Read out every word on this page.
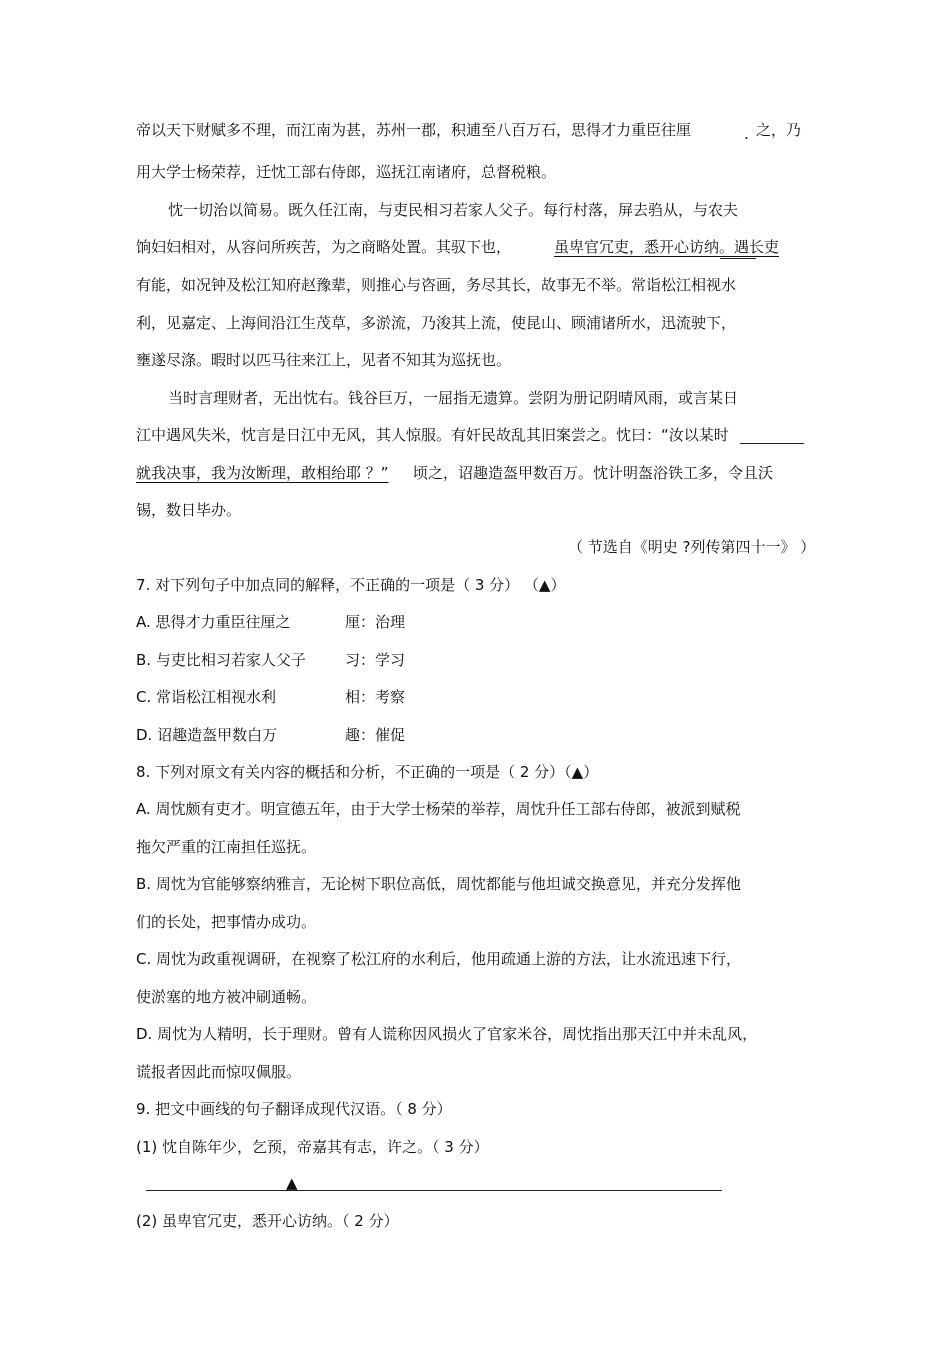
帝以天下财赋多不理，而江南为甚，苏州一郡，积逋至八百万石，思得才力重臣往厘	. 之，乃
用大学士杨荣荐，迁忱工部右侍郎，巡抚江南诸府，总督税粮。
忱一切治以简易。既久任江南，与吏民相习若家人父子。每行村落，屏去驺从，与农夫
饷妇妇相对，从容问所疾苦，为之商略处置。其驭下也，	虽卑官冗吏，悉开心访纳。遇长吏
有能，如况钟及松江知府赵豫辈，则推心与咨画，务尽其长，故事无不举。常诣松江相视水
利，见嘉定、上海间沿江生茂草，多淤流，乃浚其上流，使昆山、顾浦诸所水，迅流驶下，
壅遂尽涤。暇时以匹马往来江上，见者不知其为巡抚也。
当时言理财者，无出忱右。钱谷巨万，一屈指无遗算。尝阴为册记阴晴风雨，或言某日
江中遇风失米，忱言是日江中无风，其人惊服。有奸民故乱其旧案尝之。忱曰：“汝以某时
就我决事，我为汝断理，敢相绐耶 ？” 顷之，诏趣造盔甲数百万。忱计明盔浴铁工多，令且沃
锡，数日毕办。
（ 节选自《明史 ?列传第四十一》 ）
7. 对下列句子中加点同的解释，不正确的一项是（ 3 分） （▲）
A. 思得才力重臣往厘之	厘：治理
B. 与吏比相习若家人父子	习：学习
C. 常诣松江相视水利	相：考察
D. 诏趣造盔甲数白万	趣：催促
8. 下列对原文有关内容的概括和分析，不正确的一项是（ 2 分）（▲）
A. 周忱颇有吏才。明宣德五年，由于大学士杨荣的举荐，周忱升任工部右侍郎，被派到赋税
拖欠严重的江南担任巡抚。
B. 周忱为官能够察纳雅言，无论树下职位高低，周忱都能与他坦诚交换意见，并充分发挥他
们的长处，把事情办成功。
C. 周忱为政重视调研，在视察了松江府的水利后，他用疏通上游的方法，让水流迅速下行，
使淤塞的地方被冲刷通畅。
D. 周忱为人精明，长于理财。曾有人谎称因风损火了官家米谷，周忱指出那天江中并未乱风，
谎报者因此而惊叹佩服。
9. 把文中画线的句子翻译成现代汉语。（ 8 分）
(1) 忱自陈年少，乞预，帝嘉其有志，许之。（ 3 分）
▲
(2) 虽卑官冗吏，悉开心访纳。（ 2 分）
